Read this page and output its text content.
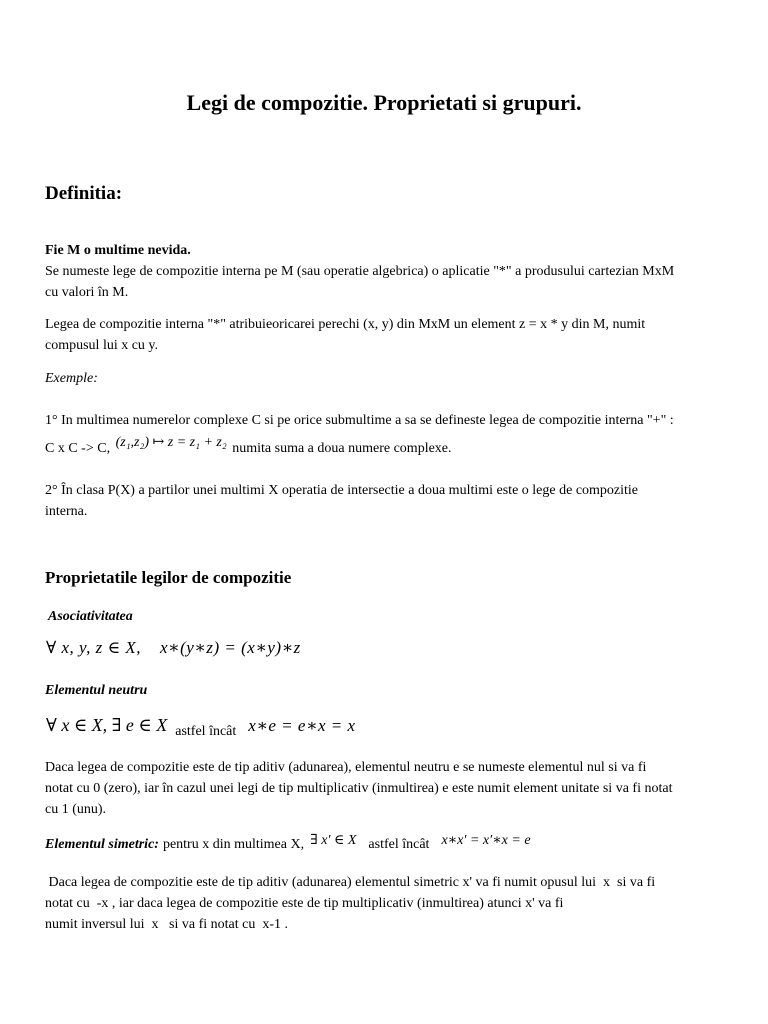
Legi de compozitie. Proprietati si grupuri.
Definitia:
Fie M o multime nevida.
Se numeste lege de compozitie interna pe M (sau operatie algebrica) o aplicatie "*" a produsului cartezian MxM
cu valori în M.
Legea de compozitie interna "*" atribuieoricarei perechi (x, y) din MxM un element z = x * y din M, numit
compusul lui x cu y.
Exemple:
1° In multimea numerelor complexe C si pe orice submultime a sa se defineste legea de compozitie interna "+" :
C x C -> C, (z₁,z₂) ↦ z = z₁ + z₂ numita suma a doua numere complexe.
2° În clasa P(X) a partilor unei multimi X operatia de intersectie a doua multimi este o lege de compozitie
interna.
Proprietatile legilor de compozitie
Asociativitatea
∀ x, y, z ∈ X,    x∗(y∗z) = (x∗y)∗z
Elementul neutru
∀ x ∈ X, ∃ e ∈ X astfel încât x∗e = e∗x = x
Daca legea de compozitie este de tip aditiv (adunarea), elementul neutru e se numeste elementul nul si va fi
notat cu 0 (zero), iar în cazul unei legi de tip multiplicativ (inmultirea) e este numit element unitate si va fi notat
cu 1 (unu).
Elementul simetric: pentru x din multimea X, ∃ x′ ∈ X astfel încât x∗x′ = x′∗x = e
Daca legea de compozitie este de tip aditiv (adunarea) elementul simetric x' va fi numit opusul lui  x  si va fi
notat cu  -x , iar daca legea de compozitie este de tip multiplicativ (inmultirea) atunci x' va fi
numit inversul lui  x   si va fi notat cu  x-1 .
